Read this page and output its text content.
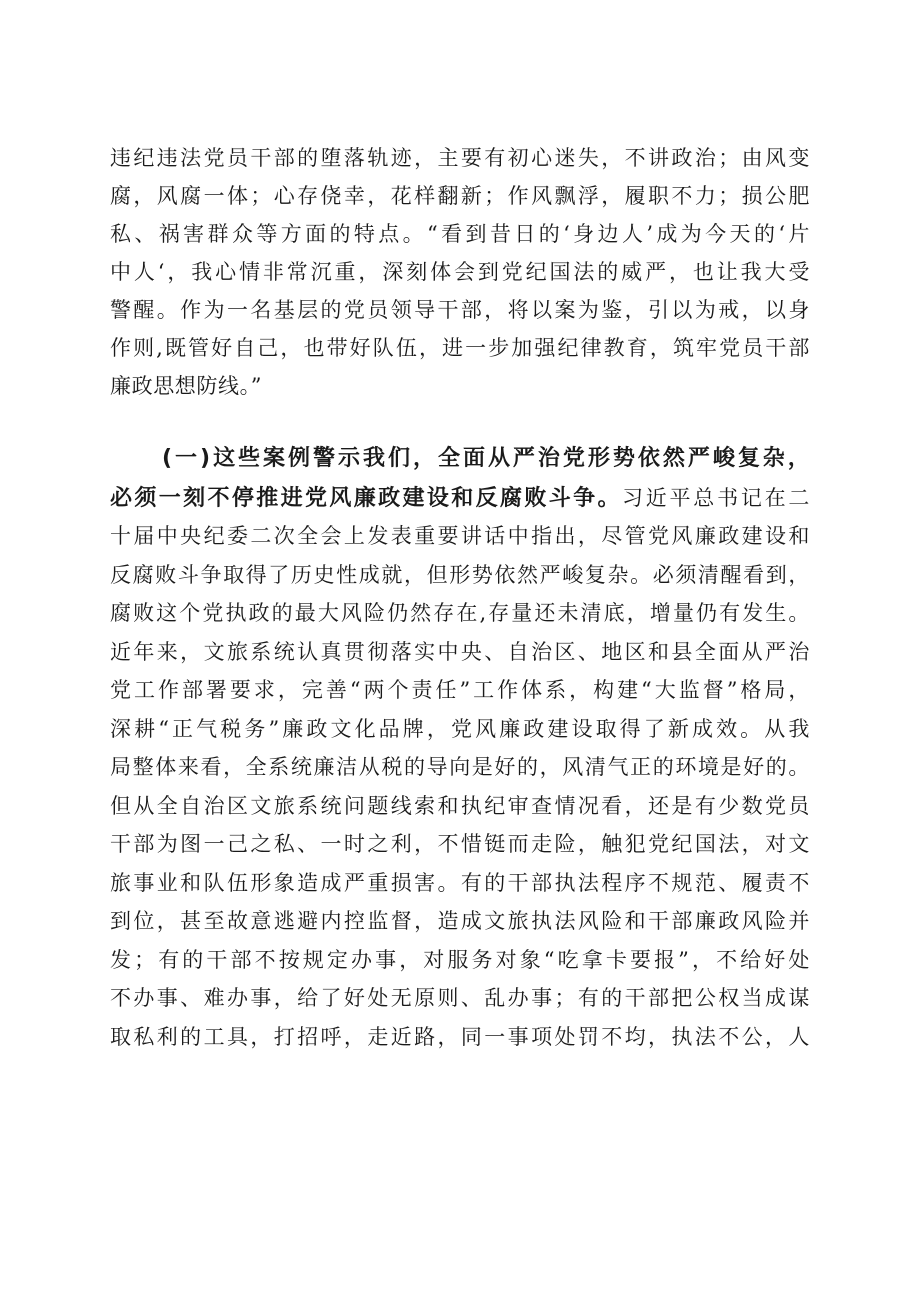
违纪违法党员干部的堕落轨迹，主要有初心迷失，不讲政治；由风变
腐，风腐一体；心存侥幸，花样翻新；作风飘浮，履职不力；损公肥
私、祸害群众等方面的特点。“看到昔日的‘身边人’成为今天的‘片
中人‘，我心情非常沉重，深刻体会到党纪国法的威严，也让我大受
警醒。作为一名基层的党员领导干部，将以案为鉴，引以为戒，以身
作则,既管好自己，也带好队伍，进一步加强纪律教育，筑牢党员干部
廉政思想防线。”
(一)这些案例警示我们，全面从严治党形势依然严峻复杂，
必须一刻不停推进党风廉政建设和反腐败斗争。习近平总书记在二
十届中央纪委二次全会上发表重要讲话中指出，尽管党风廉政建设和
反腐败斗争取得了历史性成就，但形势依然严峻复杂。必须清醒看到，
腐败这个党执政的最大风险仍然存在,存量还未清底，增量仍有发生。
近年来，文旅系统认真贯彻落实中央、自治区、地区和县全面从严治
党工作部署要求，完善“两个责任”工作体系，构建“大监督”格局，
深耕“正气税务”廉政文化品牌，党风廉政建设取得了新成效。从我
局整体来看，全系统廉洁从税的导向是好的，风清气正的环境是好的。
但从全自治区文旅系统问题线索和执纪审查情况看，还是有少数党员
干部为图一己之私、一时之利，不惜铤而走险，触犯党纪国法，对文
旅事业和队伍形象造成严重损害。有的干部执法程序不规范、履责不
到位，甚至故意逃避内控监督，造成文旅执法风险和干部廉政风险并
发；有的干部不按规定办事，对服务对象“吃拿卡要报”，不给好处
不办事、难办事，给了好处无原则、乱办事；有的干部把公权当成谋
取私利的工具，打招呼，走近路，同一事项处罚不均，执法不公，人
